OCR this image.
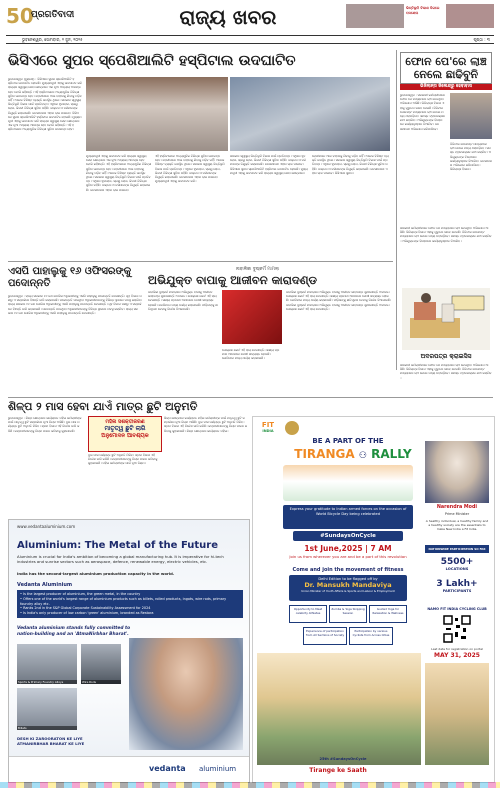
50
ପ୍ରଗତିବାଦୀ	ରାଜ୍ୟ ଖବର	ଭିତ୍ତିଭୂମି ବିକାଶ ଦିଗରେ ପଦକ୍ଷେପ
ଭୁବନେଶ୍ୱର, ସୋମବାର, ୨ ଜୁନ, ୨୦୨୫	ପୃଷ୍ଠା : ୩
ଭିସିଏରେ ସୁପର ସ୍ପେଶିଆଲିଟି ହସ୍ପିଟାଲ ଉଦଘାଟିତ
ଭୁବନେଶ୍ୱର (ବ୍ୟୁରୋ) : ଭିସିଏରେ ସୁପର ସ୍ପେଶିଆଲିଟି ହସ୍ପିଟାଲ ଉଦଘାଟିତ ହୋଇଛି। ମୁଖ୍ୟମନ୍ତ୍ରୀ ଏହାକୁ ଉଦଘାଟନ କରି ରାଜ୍ୟର ସ୍ୱାସ୍ଥ୍ୟ ସେବା କ୍ଷେତ୍ରରେ ଏକ ନୂଆ ଅଧ୍ୟାୟ ଆରମ୍ଭ ହେବ ବୋଲି କହିଛନ୍ତି। ଏହି ହସ୍ପିଟାଲରେ ଅତ୍ୟାଧୁନିକ ଚିକିତ୍ସା ସୁବିଧା ଉପଲବ୍ଧ ହେବ। ରୋଗୀମାନେ ଆଉ ବାହାରକୁ ଯିବାକୁ ପଡ଼ିବ ନାହିଁ। ଅନେକ ବିଶିଷ୍ଟ ବ୍ୟକ୍ତି ଉପସ୍ଥିତ ଥିଲେ। ସରକାର ସ୍ୱାସ୍ଥ୍ୟ ଭିତ୍ତିଭୂମି ବିକାଶ ପାଇଁ ପ୍ରତିବଦ୍ଧ। ଏଥିରେ ହୃଦରୋଗ, ସ୍ନାୟୁ ରୋଗ, କିଡନୀ ଚିକିତ୍ସା ସୁବିଧା ରହିଛି। ଡାକ୍ତର ଓ ନର୍ସମାନଙ୍କ ନିଯୁକ୍ତି କରାଯାଇଛି। ଜନସାଧାରଣ ଏହାର ଲାଭ ପାଇବେ। ଭିସିଏରେ ସୁପର ସ୍ପେଶିଆଲିଟି ହସ୍ପିଟାଲ ଉଦଘାଟିତ ହୋଇଛି। ମୁଖ୍ୟମନ୍ତ୍ରୀ ଏହାକୁ ଉଦଘାଟନ କରି ରାଜ୍ୟର ସ୍ୱାସ୍ଥ୍ୟ ସେବା କ୍ଷେତ୍ରରେ ଏକ ନୂଆ ଅଧ୍ୟାୟ ଆରମ୍ଭ ହେବ ବୋଲି କହିଛନ୍ତି। ଏହି ହସ୍ପିଟାଲରେ ଅତ୍ୟାଧୁନିକ ଚିକିତ୍ସା ସୁବିଧା ଉପଲବ୍ଧ ହେବ।
ମୁଖ୍ୟମନ୍ତ୍ରୀ ଏହାକୁ ଉଦଘାଟନ କରି ରାଜ୍ୟର ସ୍ୱାସ୍ଥ୍ୟ ସେବା କ୍ଷେତ୍ରରେ ଏକ ନୂଆ ଅଧ୍ୟାୟ ଆରମ୍ଭ ହେବ ବୋଲି କହିଛନ୍ତି। ଏହି ହସ୍ପିଟାଲରେ ଅତ୍ୟାଧୁନିକ ଚିକିତ୍ସା ସୁବିଧା ଉପଲବ୍ଧ ହେବ। ରୋଗୀମାନେ ଆଉ ବାହାରକୁ ଯିବାକୁ ପଡ଼ିବ ନାହିଁ। ଅନେକ ବିଶିଷ୍ଟ ବ୍ୟକ୍ତି ଉପସ୍ଥିତ ଥିଲେ। ସରକାର ସ୍ୱାସ୍ଥ୍ୟ ଭିତ୍ତିଭୂମି ବିକାଶ ପାଇଁ ପ୍ରତିବଦ୍ଧ। ଏଥିରେ ହୃଦରୋଗ, ସ୍ନାୟୁ ରୋଗ, କିଡନୀ ଚିକିତ୍ସା ସୁବିଧା ରହିଛି। ଡାକ୍ତର ଓ ନର୍ସମାନଙ୍କ ନିଯୁକ୍ତି କରାଯାଇଛି। ଜନସାଧାରଣ ଏହାର ଲାଭ ପାଇବେ।
ଏହି ହସ୍ପିଟାଲରେ ଅତ୍ୟାଧୁନିକ ଚିକିତ୍ସା ସୁବିଧା ଉପଲବ୍ଧ ହେବ। ରୋଗୀମାନେ ଆଉ ବାହାରକୁ ଯିବାକୁ ପଡ଼ିବ ନାହିଁ। ଅନେକ ବିଶିଷ୍ଟ ବ୍ୟକ୍ତି ଉପସ୍ଥିତ ଥିଲେ। ସରକାର ସ୍ୱାସ୍ଥ୍ୟ ଭିତ୍ତିଭୂମି ବିକାଶ ପାଇଁ ପ୍ରତିବଦ୍ଧ। ଏଥିରେ ହୃଦରୋଗ, ସ୍ନାୟୁ ରୋଗ, କିଡନୀ ଚିକିତ୍ସା ସୁବିଧା ରହିଛି। ଡାକ୍ତର ଓ ନର୍ସମାନଙ୍କ ନିଯୁକ୍ତି କରାଯାଇଛି। ଜନସାଧାରଣ ଏହାର ଲାଭ ପାଇବେ। ମୁଖ୍ୟମନ୍ତ୍ରୀ ଏହାକୁ ଉଦଘାଟନ କରି।
ସରକାର ସ୍ୱାସ୍ଥ୍ୟ ଭିତ୍ତିଭୂମି ବିକାଶ ପାଇଁ ପ୍ରତିବଦ୍ଧ। ଏଥିରେ ହୃଦରୋଗ, ସ୍ନାୟୁ ରୋଗ, କିଡନୀ ଚିକିତ୍ସା ସୁବିଧା ରହିଛି। ଡାକ୍ତର ଓ ନର୍ସମାନଙ୍କ ନିଯୁକ୍ତି କରାଯାଇଛି। ଜନସାଧାରଣ ଏହାର ଲାଭ ପାଇବେ। ଭିସିଏରେ ସୁପର ସ୍ପେଶିଆଲିଟି ହସ୍ପିଟାଲ ଉଦଘାଟିତ ହୋଇଛି। ମୁଖ୍ୟମନ୍ତ୍ରୀ ଏହାକୁ ଉଦଘାଟନ କରି ରାଜ୍ୟର ସ୍ୱାସ୍ଥ୍ୟ ସେବା କ୍ଷେତ୍ରରେ।
ରୋଗୀମାନେ ଆଉ ବାହାରକୁ ଯିବାକୁ ପଡ଼ିବ ନାହିଁ। ଅନେକ ବିଶିଷ୍ଟ ବ୍ୟକ୍ତି ଉପସ୍ଥିତ ଥିଲେ। ସରକାର ସ୍ୱାସ୍ଥ୍ୟ ଭିତ୍ତିଭୂମି ବିକାଶ ପାଇଁ ପ୍ରତିବଦ୍ଧ। ଏଥିରେ ହୃଦରୋଗ, ସ୍ନାୟୁ ରୋଗ, କିଡନୀ ଚିକିତ୍ସା ସୁବିଧା ରହିଛି। ଡାକ୍ତର ଓ ନର୍ସମାନଙ୍କ ନିଯୁକ୍ତି କରାଯାଇଛି। ଜନସାଧାରଣ ଏହାର ଲାଭ ପାଇବେ। ଭିସିଏରେ ସୁପର।
ଫୋନ ପେ'ରେ ଲାଞ୍ଚ ନେଲେ ଛାଢିବୁନି
ଭିଜିଲାନ୍ସ ଜିଲେନ୍ଦ୍ରୁ ହେବାବାସ
ଭୁବନେଶ୍ୱର : ସରକାରୀ କର୍ମଚାରୀମାନେ ଫୋନ ପେ ମାଧ୍ୟମରେ ଲାଞ୍ଚ ନେଉଥିବା ଅଭିଯୋଗ ଆସିଛି। ଭିଜିଲାନ୍ସ ବିଭାଗ ଏହାକୁ ଗୁରୁତର ଭାବେ ନେଇଛି। ଡିଜିଟାଲ ପେମେଣ୍ଟ ମାଧ୍ୟମରେ ଲାଞ୍ଚ ନେଲେ ମଧ୍ୟ ଧରାପଡ଼ିବେ। ସମସ୍ତ ଟ୍ରାନଜାକ୍ସନ ଯାଞ୍ଚ କରାଯିବ। ଅଭିଯୁକ୍ତଙ୍କ ବିରୋଧରେ କାର୍ଯ୍ୟାନୁଷ୍ଠାନ ନିଆଯିବ। ଜନସାଧାରଣ ଅଭିଯୋଗ କରିପାରିବେ।
ଡିଜିଟାଲ ପେମେଣ୍ଟ ମାଧ୍ୟମରେ ଲାଞ୍ଚ ନେଲେ ମଧ୍ୟ ଧରାପଡ଼ିବେ। ସମସ୍ତ ଟ୍ରାନଜାକ୍ସନ ଯାଞ୍ଚ କରାଯିବ। ଅଭିଯୁକ୍ତଙ୍କ ବିରୋଧରେ କାର୍ଯ୍ୟାନୁଷ୍ଠାନ ନିଆଯିବ। ଜନସାଧାରଣ ଅଭିଯୋଗ କରିପାରିବେ। ଭିଜିଲାନ୍ସ ବିଭାଗ।
ସରକାରୀ କର୍ମଚାରୀମାନେ ଫୋନ ପେ ମାଧ୍ୟମରେ ଲାଞ୍ଚ ନେଉଥିବା ଅଭିଯୋଗ ଆସିଛି। ଭିଜିଲାନ୍ସ ବିଭାଗ ଏହାକୁ ଗୁରୁତର ଭାବେ ନେଇଛି। ଡିଜିଟାଲ ପେମେଣ୍ଟ ମାଧ୍ୟମରେ ଲାଞ୍ଚ ନେଲେ ମଧ୍ୟ ଧରାପଡ଼ିବେ। ସମସ୍ତ ଟ୍ରାନଜାକ୍ସନ ଯାଞ୍ଚ କରାଯିବ। ଅଭିଯୁକ୍ତଙ୍କ ବିରୋଧରେ କାର୍ଯ୍ୟାନୁଷ୍ଠାନ ନିଆଯିବ।
ଅଦରପତ୍ର କ୍ରାଇସିସ
ସରକାରୀ କର୍ମଚାରୀମାନେ ଫୋନ ପେ ମାଧ୍ୟମରେ ଲାଞ୍ଚ ନେଉଥିବା ଅଭିଯୋଗ ଆସିଛି। ଭିଜିଲାନ୍ସ ବିଭାଗ ଏହାକୁ ଗୁରୁତର ଭାବେ ନେଇଛି। ଡିଜିଟାଲ ପେମେଣ୍ଟ ମାଧ୍ୟମରେ ଲାଞ୍ଚ ନେଲେ ମଧ୍ୟ ଧରାପଡ଼ିବେ। ସମସ୍ତ ଟ୍ରାନଜାକ୍ସନ ଯାଞ୍ଚ କରାଯିବ।
ଏସପି ପାହାଲୁକୁ ୧୬ ଓଫିସରଙ୍କୁ ପଦୋନ୍ନତି
ଭୁବନେଶ୍ୱର : ରାଜ୍ୟ ସରକାର ୧୬ ଜଣ ପୋଲିସ ଅଧିକାରୀଙ୍କୁ ଏସପି ପାହାଲୁକୁ ପଦୋନ୍ନତି ଦେଇଛନ୍ତି। ଗୃହ ବିଭାଗ ପକ୍ଷରୁ ଏ ସମ୍ପର୍କରେ ବିଜ୍ଞପ୍ତି ଜାରି କରାଯାଇଛି। ପଦୋନ୍ନତି ପାଇଥିବା ଅଧିକାରୀମାନଙ୍କୁ ବିଭିନ୍ନ ସ୍ଥାନରେ ପଦସ୍ଥ କରାଯିବ। ରାଜ୍ୟ ସରକାର ୧୬ ଜଣ ପୋଲିସ ଅଧିକାରୀଙ୍କୁ ଏସପି ପାହାଲୁକୁ ପଦୋନ୍ନତି ଦେଇଛନ୍ତି। ଗୃହ ବିଭାଗ ପକ୍ଷରୁ ଏ ସମ୍ପର୍କରେ ବିଜ୍ଞପ୍ତି ଜାରି କରାଯାଇଛି। ପଦୋନ୍ନତି ପାଇଥିବା ଅଧିକାରୀମାନଙ୍କୁ ବିଭିନ୍ନ ସ୍ଥାନରେ ପଦସ୍ଥ କରାଯିବ। ରାଜ୍ୟ ସରକାର ୧୬ ଜଣ ପୋଲିସ ଅଧିକାରୀଙ୍କୁ ଏସପି ପାହାଲୁକୁ ପଦୋନ୍ନତି ଦେଇଛନ୍ତି।
ନାବାଳିକା ଦୁଷ୍କର୍ମ ମାମଲା
ଅଭିଯୁକ୍ତ ବାପାକୁ ଆଜୀବନ କାରାଦଣ୍ଡ
ନାବାଳିକା ଦୁଷ୍କର୍ମ ମାମଲାରେ ଅଭିଯୁକ୍ତ ବାପାକୁ ଆଜୀବନ କାରାଦଣ୍ଡ ଶୁଣାଇଛନ୍ତି ଅଦାଲତ। ପୋକ୍ସୋ କୋର୍ଟ ଏହି ରାୟ ଦେଇଛନ୍ତି। ସାକ୍ଷ୍ୟ ପ୍ରମାଣ ଆଧାରରେ ଦୋଷୀ ସାବ୍ୟସ୍ତ ହୋଇଛି। ଜୋରିମାନା ମଧ୍ୟ ଧାର୍ଯ୍ୟ କରାଯାଇଛି। ପୀଡ଼ିତାଙ୍କୁ କ୍ଷତିପୂରଣ ଦେବାକୁ ନିର୍ଦ୍ଦେଶ ଦିଆଯାଇଛି।
ପୋକ୍ସୋ କୋର୍ଟ ଏହି ରାୟ ଦେଇଛନ୍ତି। ସାକ୍ଷ୍ୟ ପ୍ରମାଣ ଆଧାରରେ ଦୋଷୀ ସାବ୍ୟସ୍ତ ହୋଇଛି। ଜୋରିମାନା ମଧ୍ୟ ଧାର୍ଯ୍ୟ କରାଯାଇଛି।
ନାବାଳିକା ଦୁଷ୍କର୍ମ ମାମଲାରେ ଅଭିଯୁକ୍ତ ବାପାକୁ ଆଜୀବନ କାରାଦଣ୍ଡ ଶୁଣାଇଛନ୍ତି ଅଦାଲତ। ପୋକ୍ସୋ କୋର୍ଟ ଏହି ରାୟ ଦେଇଛନ୍ତି। ସାକ୍ଷ୍ୟ ପ୍ରମାଣ ଆଧାରରେ ଦୋଷୀ ସାବ୍ୟସ୍ତ ହୋଇଛି। ଜୋରିମାନା ମଧ୍ୟ ଧାର୍ଯ୍ୟ କରାଯାଇଛି। ପୀଡ଼ିତାଙ୍କୁ କ୍ଷତିପୂରଣ ଦେବାକୁ ନିର୍ଦ୍ଦେଶ ଦିଆଯାଇଛି। ନାବାଳିକା ଦୁଷ୍କର୍ମ ମାମଲାରେ ଅଭିଯୁକ୍ତ ବାପାକୁ ଆଜୀବନ କାରାଦଣ୍ଡ ଶୁଣାଇଛନ୍ତି ଅଦାଲତ। ପୋକ୍ସୋ କୋର୍ଟ ଏହି ରାୟ ଦେଇଛନ୍ତି।
ଶିଳ୍ପ ୨ ମାସ ହେବା ଯାଏଁ ମାତ୍ର ଛୁଟି ଅନୁମତି
ଭୁବନେଶ୍ୱର : ଶିଳ୍ପ କ୍ଷେତ୍ରରେ କାର୍ଯ୍ୟରତ ମହିଳା କର୍ମଚାରୀଙ୍କ ପାଇଁ ମାତୃତ୍ୱ ଛୁଟି ସମ୍ପର୍କରେ ନୂଆ ନିୟମ ଆସିଛି। ଦୁଇ ମାସ ପର୍ଯ୍ୟନ୍ତ ଛୁଟି ଅନୁମତି ମିଳିବ। ଶ୍ରମ ବିଭାଗ ଏହି ନିର୍ଦ୍ଦେଶ ଜାରି କରିଛି। କମ୍ପାନୀମାନଙ୍କୁ ନିୟମ ପାଳନ କରିବାକୁ କୁହାଯାଇଛି।
ମହିଳା ସଶକ୍ତୀକରଣ
ମାତୃତ୍ୱ ଛୁଟି ଲାଗି
ଅନୁମୋଦନ ଆବଶ୍ୟକ
ଦୁଇ ମାସ ପର୍ଯ୍ୟନ୍ତ ଛୁଟି ଅନୁମତି ମିଳିବ। ଶ୍ରମ ବିଭାଗ ଏହି ନିର୍ଦ୍ଦେଶ ଜାରି କରିଛି। କମ୍ପାନୀମାନଙ୍କୁ ନିୟମ ପାଳନ କରିବାକୁ କୁହାଯାଇଛି। ମହିଳା କର୍ମଚାରୀଙ୍କ ପାଇଁ ନୂଆ ନିୟମ।
ଶିଳ୍ପ କ୍ଷେତ୍ରରେ କାର୍ଯ୍ୟରତ ମହିଳା କର୍ମଚାରୀଙ୍କ ପାଇଁ ମାତୃତ୍ୱ ଛୁଟି ସମ୍ପର୍କରେ ନୂଆ ନିୟମ ଆସିଛି। ଦୁଇ ମାସ ପର୍ଯ୍ୟନ୍ତ ଛୁଟି ଅନୁମତି ମିଳିବ। ଶ୍ରମ ବିଭାଗ ଏହି ନିର୍ଦ୍ଦେଶ ଜାରି କରିଛି। କମ୍ପାନୀମାନଙ୍କୁ ନିୟମ ପାଳନ କରିବାକୁ କୁହାଯାଇଛି। ଶିଳ୍ପ କ୍ଷେତ୍ରରେ କାର୍ଯ୍ୟରତ ମହିଳା।
www.vedantaaluminium.com
Aluminium: The Metal of the Future
Aluminium is crucial for India's ambition of becoming a global manufacturing hub. It is imperative for hi-tech industries and sunrise sectors such as aerospace, defence, renewable energy, electric vehicles, etc.
India has the second-largest aluminium production capacity in the world.
Vedanta Aluminium
• Is the largest producer of aluminium, the green metal, in the country
• Offers one of the world's largest range of aluminium products such as billets, rolled products, ingots, wire rods, primary foundry alloy etc.
• Ranks 2nd in the S&P Global Corporate Sustainability Assessment for 2024
• Is India's only producer of low carbon 'green' aluminium, branded as Restora
Vedanta aluminium stands fully committed to nation-building and an 'AtmaNirbhar Bharat'.
Sports & Primary Foundry Alloys	Wire Rods
Billets
DESH KI ZAROORATON KE LIYE
ATMANIRBHAR BHARAT KE LIYE
vedanta aluminium
FIT
INDIA
BE A PART OF THE
TIRANGA ⚇ RALLY
Express your gratitude to Indian armed forces on the occasion of World Bicycle Day being celebrated
#SundaysOnCycle
1st June,2025 | 7 AM
Join us from wherever you are and be a part of this revolution
Come and join the movement of fitness
Delhi Edition to be flagged off by
Dr. Mansukh Mandaviya
Union Minister of Youth Affairs & Sports and Labour & Employment
Opportunity to Meet celebrity Athletes
Zumba & Yoga Skipping Session
Guided Yoga for Relaxation & Wellness
Experience of participation from All Sections of Society
Participation by various Cyclists from Across Cities
25th #SundaysOnCycle
Tirange ke Saath
Narendra Modi
Prime Minister
A healthy individual, a healthy family and a healthy society are the essentials to make New India a Fit India.
NATIONWIDE PARTICIPATION SO FAR
5500+
LOCATIONS
3 Lakh+
PARTICIPANTS
NAMO FIT INDIA CYCLING CLUB
Last date for registration on portal
MAY 31, 2025
